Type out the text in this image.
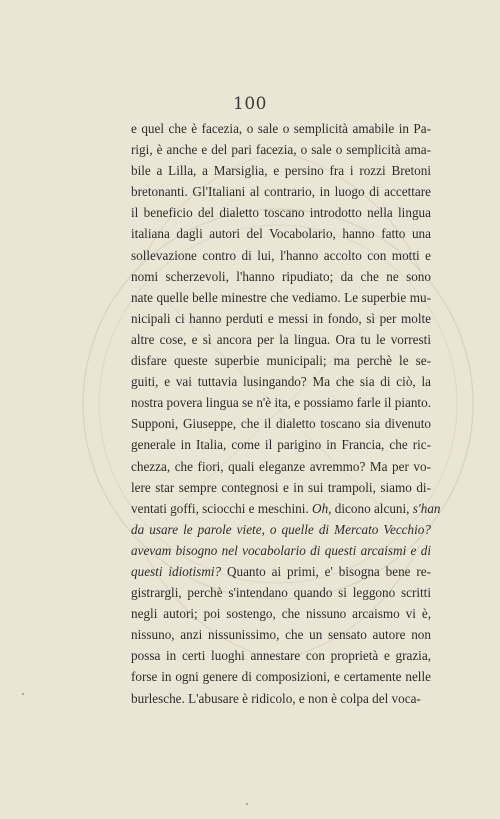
100
e quel che è facezia, o sale o semplicità amabile in Pa-
rigi, è anche e del pari facezia, o sale o semplicità ama-
bile a Lilla, a Marsiglia, e persino fra i rozzi Bretoni
bretonanti. Gl'Italiani al contrario, in luogo di accettare
il beneficio del dialetto toscano introdotto nella lingua
italiana dagli autori del Vocabolario, hanno fatto una
sollevazione contro di lui, l'hanno accolto con motti e
nomi scherzevoli, l'hanno ripudiato; da che ne sono
nate quelle belle minestre che vediamo. Le superbie mu-
nicipali ci hanno perduti e messi in fondo, sì per molte
altre cose, e sì ancora per la lingua. Ora tu le vorresti
disfare queste superbie municipali; ma perchè le se-
guiti, e vai tuttavia lusingando? Ma che sia di ciò, la
nostra povera lingua se n'è ita, e possiamo farle il pianto.
Supponi, Giuseppe, che il dialetto toscano sia divenuto
generale in Italia, come il parigino in Francia, che ric-
chezza, che fiori, quali eleganze avremmo? Ma per vo-
lere star sempre contegnosi e in sui trampoli, siamo di-
ventati goffi, sciocchi e meschini. Oh, dicono alcuni, s'han
da usare le parole viete, o quelle di Mercato Vecchio?
avevam bisogno nel vocabolario di questi arcaismi e di
questi idiotismi? Quanto ai primi, e' bisogna bene re-
gistrargli, perchè s'intendano quando si leggono scritti
negli autori; poi sostengo, che nissuno arcaismo vi è,
nissuno, anzi nissunissimo, che un sensato autore non
possa in certi luoghi annestare con proprietà e grazia,
forse in ogni genere di composizioni, e certamente nelle
burlesche. L'abusare è ridicolo, e non è colpa del voca-
